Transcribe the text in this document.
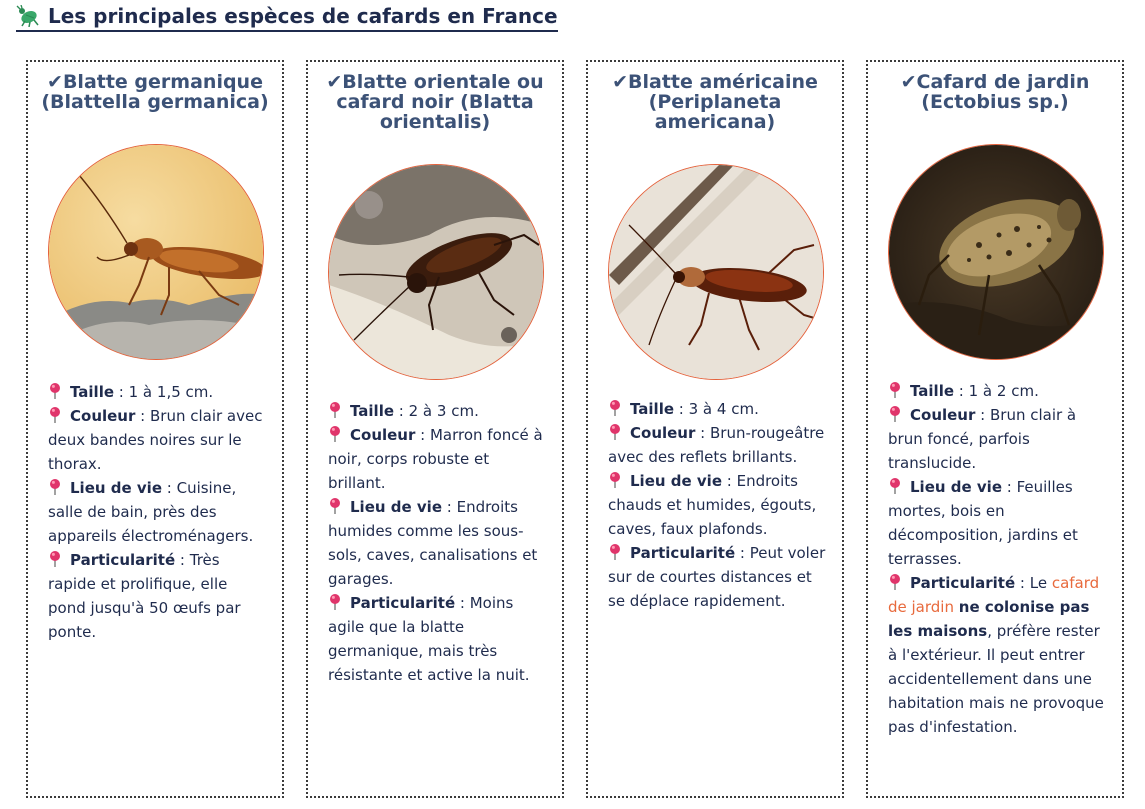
Les principales espèces de cafards en France
✔Blatte germanique (Blattella germanica)

Taille : 1 à 1,5 cm.

Couleur : Brun clair avec deux bandes noires sur le thorax.

Lieu de vie : Cuisine, salle de bain, près des appareils électroménagers.

Particularité : Très rapide et prolifique, elle pond jusqu'à 50 œufs par ponte.

✔Blatte orientale ou cafard noir (Blatta orientalis)

Taille : 2 à 3 cm.

Couleur : Marron foncé à noir, corps robuste et brillant.

Lieu de vie : Endroits humides comme les sous-sols, caves, canalisations et garages.

Particularité : Moins agile que la blatte germanique, mais très résistante et active la nuit.

✔Blatte américaine (Periplaneta americana)

Taille : 3 à 4 cm.

Couleur : Brun-rougeâtre avec des reflets brillants.

Lieu de vie : Endroits chauds et humides, égouts, caves, faux plafonds.

Particularité : Peut voler sur de courtes distances et se déplace rapidement.

✔Cafard de jardin (Ectobius sp.)

Taille : 1 à 2 cm.

Couleur : Brun clair à brun foncé, parfois translucide.

Lieu de vie : Feuilles mortes, bois en décomposition, jardins et terrasses.

Particularité : Le cafard de jardin ne colonise pas les maisons, préfère rester à l'extérieur. Il peut entrer accidentellement dans une habitation mais ne provoque pas d'infestation.
